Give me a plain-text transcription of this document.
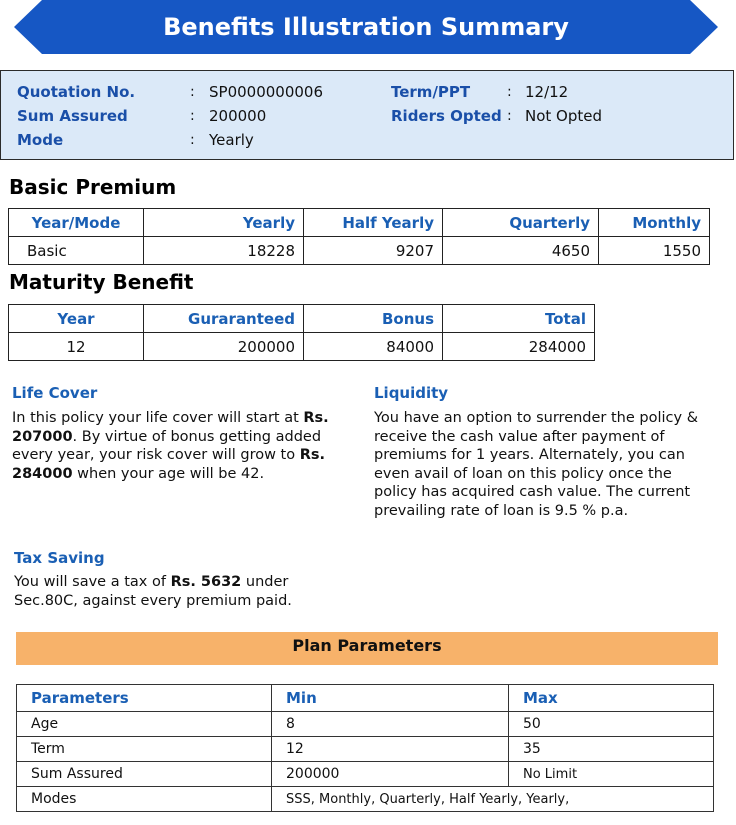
Benefits Illustration Summary
Quotation No.	: SP0000000006
Sum Assured	: 200000
Mode	: Yearly
Term/PPT	: 12/12
Riders Opted : Not Opted
Basic Premium
Year/Mode	Yearly	Half Yearly	Quarterly	Monthly
Basic	18228	9207	4650	1550
Maturity Benefit
Year	Guraranteed	Bonus	Total
12	200000	84000	284000
Life Cover
In this policy your life cover will start at Rs. 207000. By virtue of bonus getting added every year, your risk cover will grow to Rs. 284000 when your age will be 42.
Liquidity
You have an option to surrender the policy & receive the cash value after payment of premiums for 1 years. Alternately, you can even avail of loan on this policy once the policy has acquired cash value. The current prevailing rate of loan is 9.5 % p.a.
Tax Saving
You will save a tax of Rs. 5632 under Sec.80C, against every premium paid.
Plan Parameters
Parameters	Min	Max
Age	8	50
Term	12	35
Sum Assured	200000	No Limit
Modes	SSS, Monthly, Quarterly, Half Yearly, Yearly,	
